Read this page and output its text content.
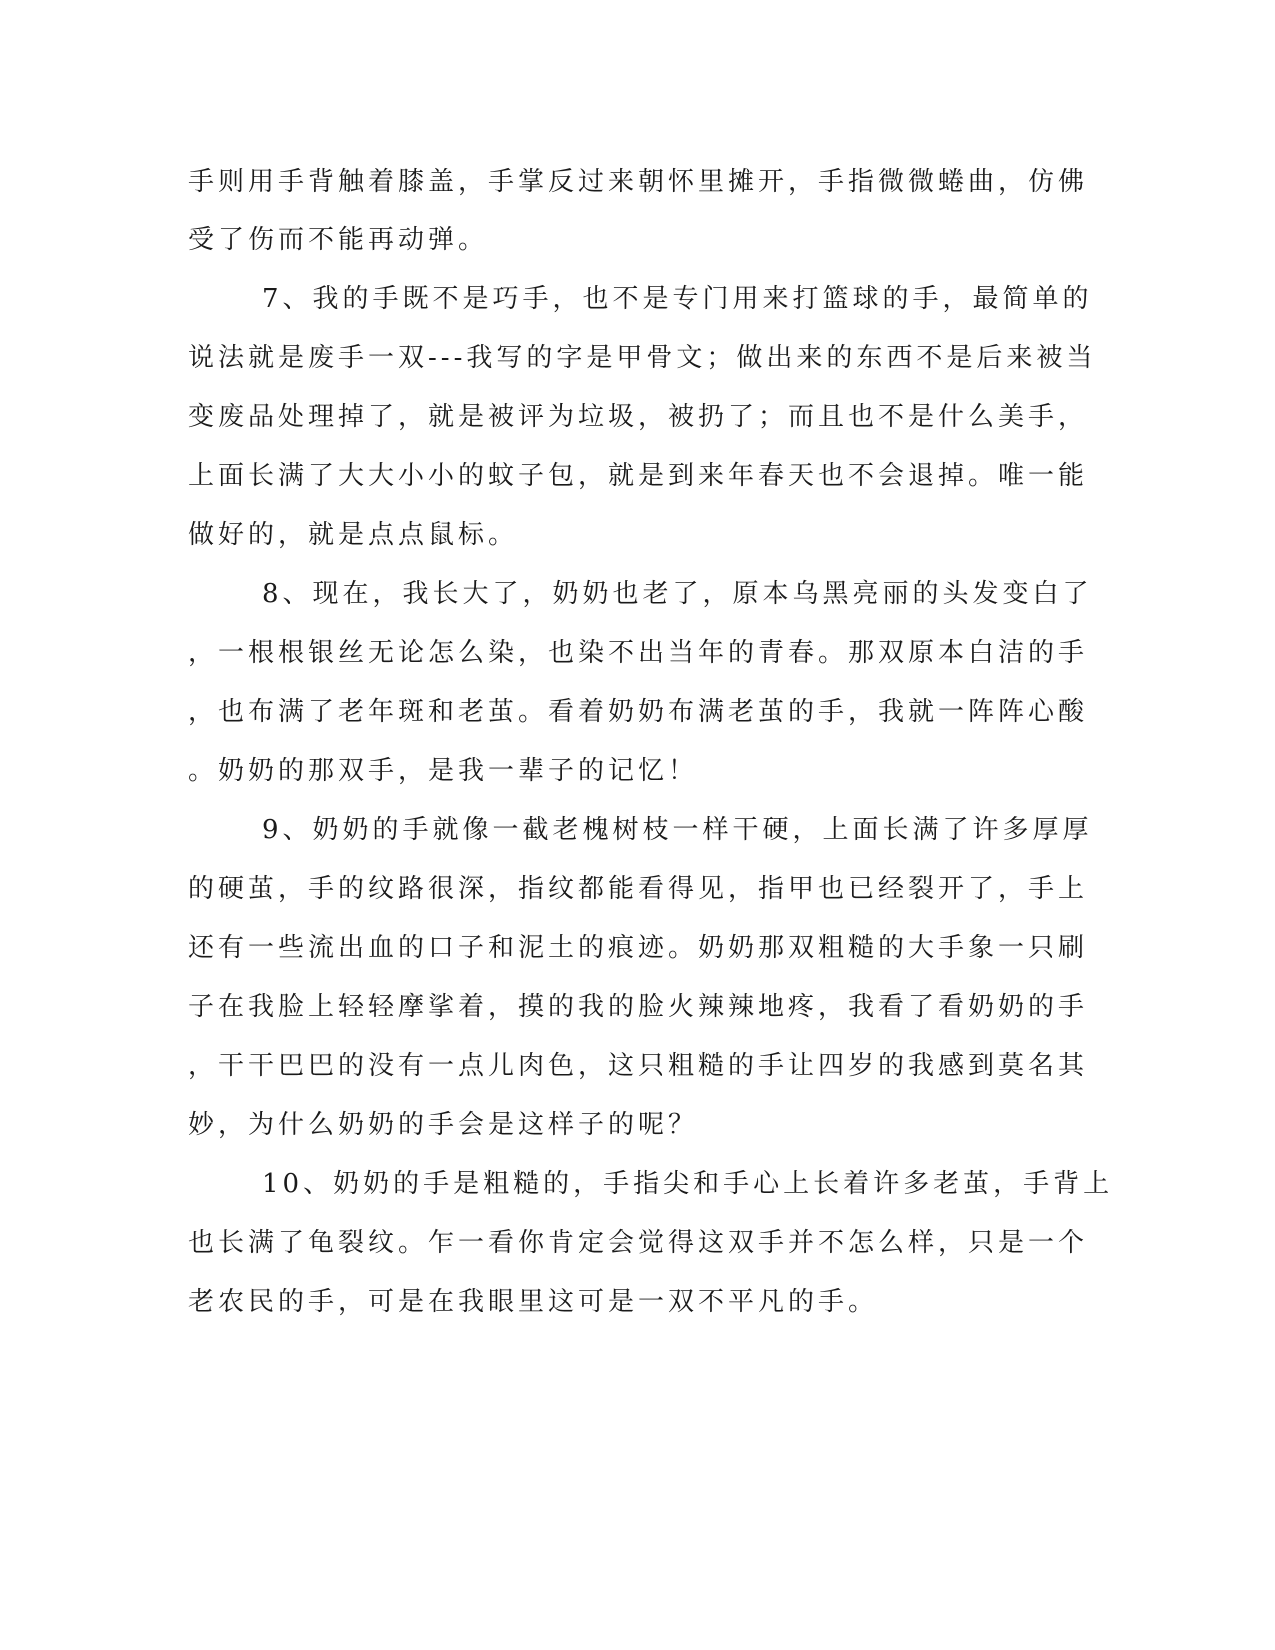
手则用手背触着膝盖，手掌反过来朝怀里摊开，手指微微蜷曲，仿佛
受了伤而不能再动弹。
7、我的手既不是巧手，也不是专门用来打篮球的手，最简单的
说法就是废手一双---我写的字是甲骨文；做出来的东西不是后来被当
变废品处理掉了，就是被评为垃圾，被扔了；而且也不是什么美手，
上面长满了大大小小的蚊子包，就是到来年春天也不会退掉。唯一能
做好的，就是点点鼠标。
8、现在，我长大了，奶奶也老了，原本乌黑亮丽的头发变白了
，一根根银丝无论怎么染，也染不出当年的青春。那双原本白洁的手
，也布满了老年斑和老茧。看着奶奶布满老茧的手，我就一阵阵心酸
。奶奶的那双手，是我一辈子的记忆！
9、奶奶的手就像一截老槐树枝一样干硬，上面长满了许多厚厚
的硬茧，手的纹路很深，指纹都能看得见，指甲也已经裂开了，手上
还有一些流出血的口子和泥土的痕迹。奶奶那双粗糙的大手象一只刷
子在我脸上轻轻摩挲着，摸的我的脸火辣辣地疼，我看了看奶奶的手
，干干巴巴的没有一点儿肉色，这只粗糙的手让四岁的我感到莫名其
妙，为什么奶奶的手会是这样子的呢？
10、奶奶的手是粗糙的，手指尖和手心上长着许多老茧，手背上
也长满了龟裂纹。乍一看你肯定会觉得这双手并不怎么样，只是一个
老农民的手，可是在我眼里这可是一双不平凡的手。
